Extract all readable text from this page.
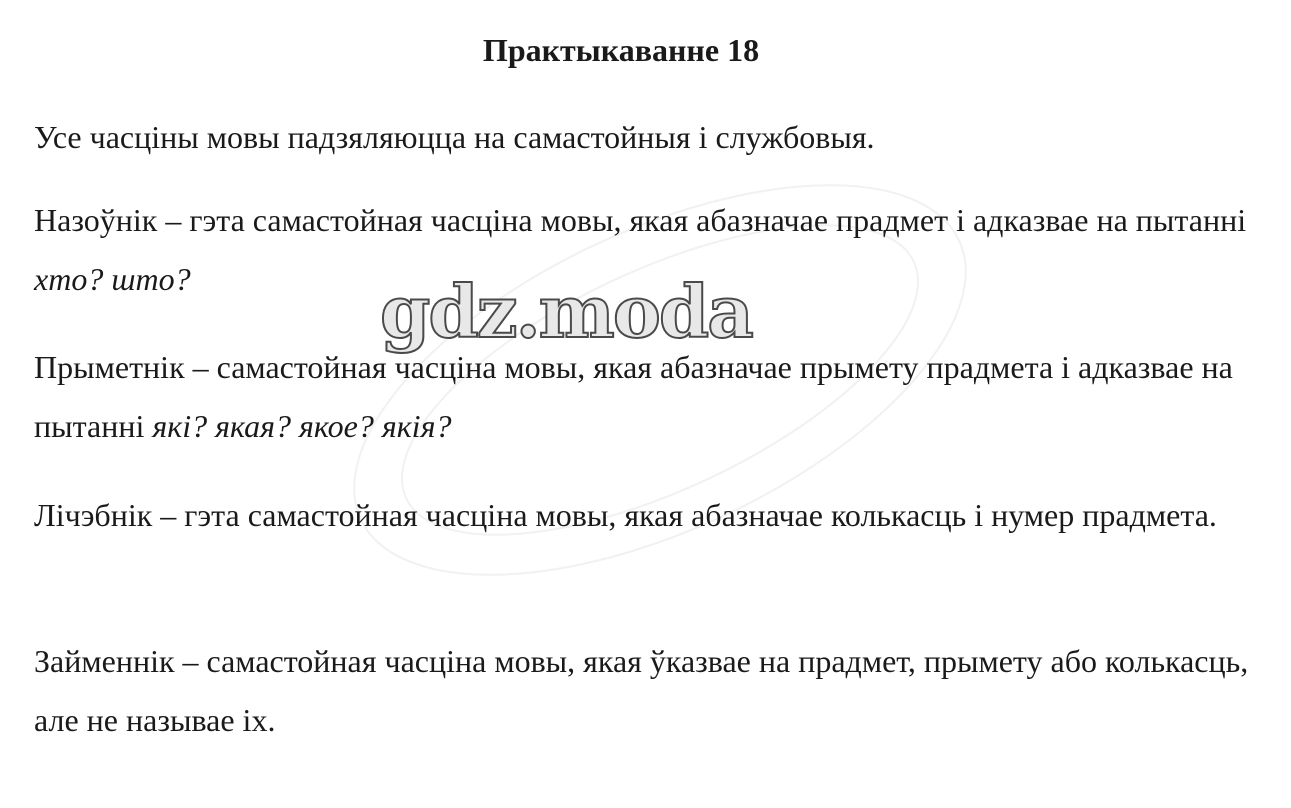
Практыкаванне 18

Усе часціны мовы падзяляюцца на самастойныя і службовыя.

Назоўнік – гэта самастойная часціна мовы, якая абазначае прадмет і адказвае на пытанні хто? што?

Прыметнік – самастойная часціна мовы, якая абазначае прымету прадмета і адказвае на пытанні які? якая? якое? якія?

Лічэбнік – гэта самастойная часціна мовы, якая абазначае колькасць і нумер прадмета.

Займеннік – самастойная часціна мовы, якая ўказвае на прадмет, прымету або колькасць, але не называе іх.

gdz.moda
